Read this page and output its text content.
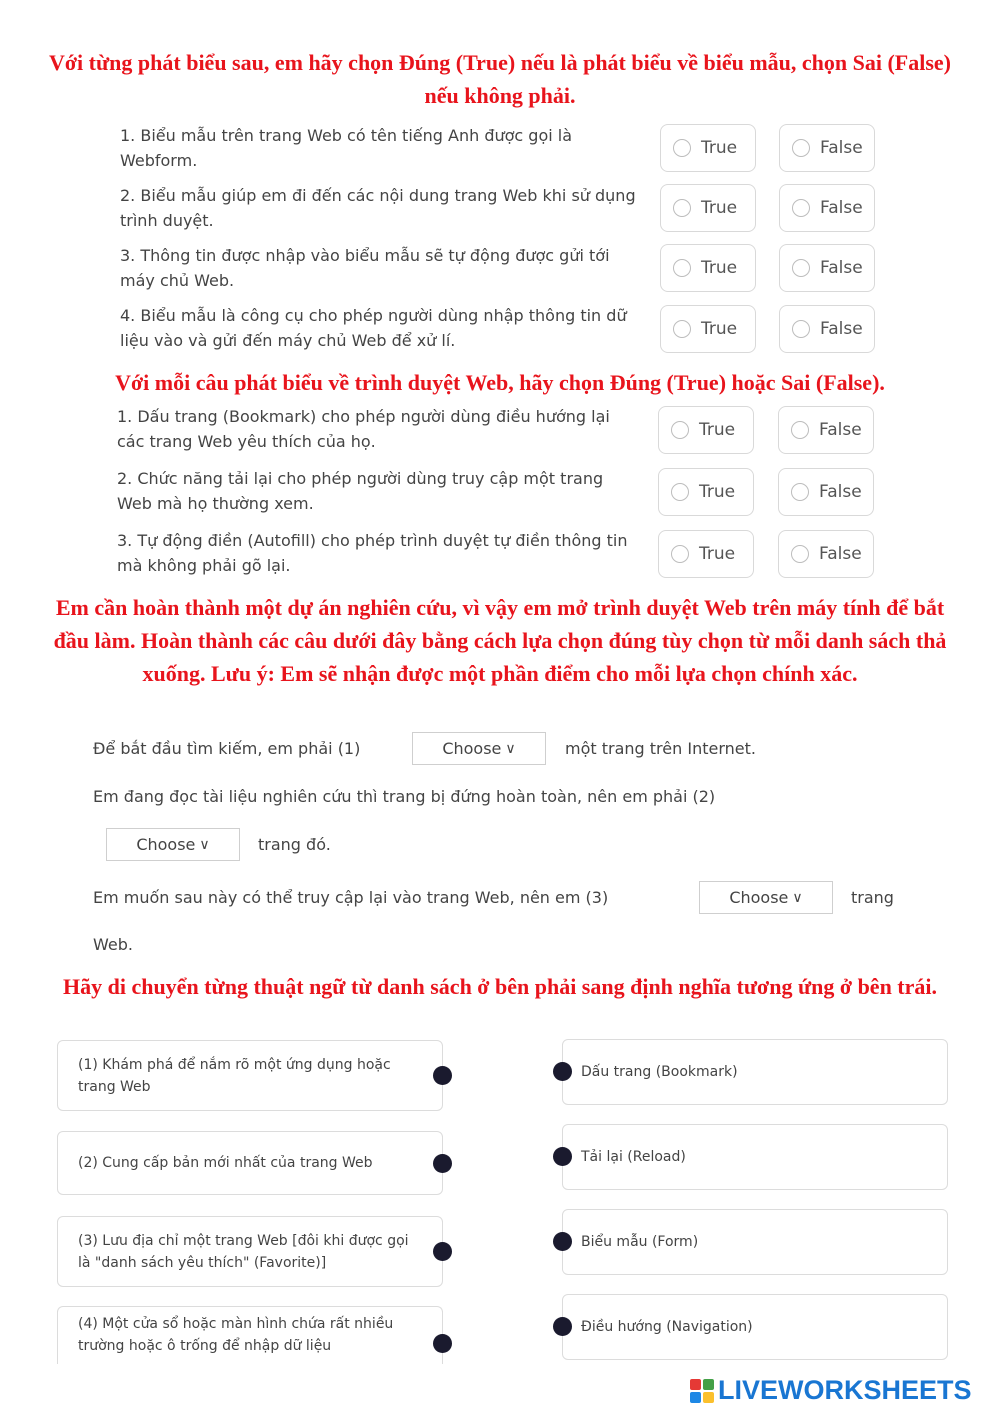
Với từng phát biểu sau, em hãy chọn Đúng (True) nếu là phát biểu về biểu mẫu, chọn Sai (False) nếu không phải.

1. Biểu mẫu trên trang Web có tên tiếng Anh được gọi là Webform.
True	False
2. Biểu mẫu giúp em đi đến các nội dung trang Web khi sử dụng trình duyệt.
True	False
3. Thông tin được nhập vào biểu mẫu sẽ tự động được gửi tới máy chủ Web.
True	False
4. Biểu mẫu là công cụ cho phép người dùng nhập thông tin dữ liệu vào và gửi đến máy chủ Web để xử lí.
True	False

Với mỗi câu phát biểu về trình duyệt Web, hãy chọn Đúng (True) hoặc Sai (False).

1. Dấu trang (Bookmark) cho phép người dùng điều hướng lại các trang Web yêu thích của họ.
True	False
2. Chức năng tải lại cho phép người dùng truy cập một trang Web mà họ thường xem.
True	False
3. Tự động điền (Autofill) cho phép trình duyệt tự điền thông tin mà không phải gõ lại.
True	False

Em cần hoàn thành một dự án nghiên cứu, vì vậy em mở trình duyệt Web trên máy tính để bắt đầu làm. Hoàn thành các câu dưới đây bằng cách lựa chọn đúng tùy chọn từ mỗi danh sách thả xuống. Lưu ý: Em sẽ nhận được một phần điểm cho mỗi lựa chọn chính xác.

Để bắt đầu tìm kiếm, em phải (1)	Choose ∨	một trang trên Internet.
Em đang đọc tài liệu nghiên cứu thì trang bị đứng hoàn toàn, nên em phải (2)
Choose ∨	trang đó.
Em muốn sau này có thể truy cập lại vào trang Web, nên em (3)	Choose ∨	trang
Web.

Hãy di chuyển từng thuật ngữ từ danh sách ở bên phải sang định nghĩa tương ứng ở bên trái.

(1) Khám phá để nắm rõ một ứng dụng hoặc trang Web
(2) Cung cấp bản mới nhất của trang Web
(3) Lưu địa chỉ một trang Web [đôi khi được gọi là "danh sách yêu thích" (Favorite)]
(4) Một cửa sổ hoặc màn hình chứa rất nhiều trường hoặc ô trống để nhập dữ liệu
Dấu trang (Bookmark)
Tải lại (Reload)
Biểu mẫu (Form)
Điều hướng (Navigation)
LIVEWORKSHEETS
